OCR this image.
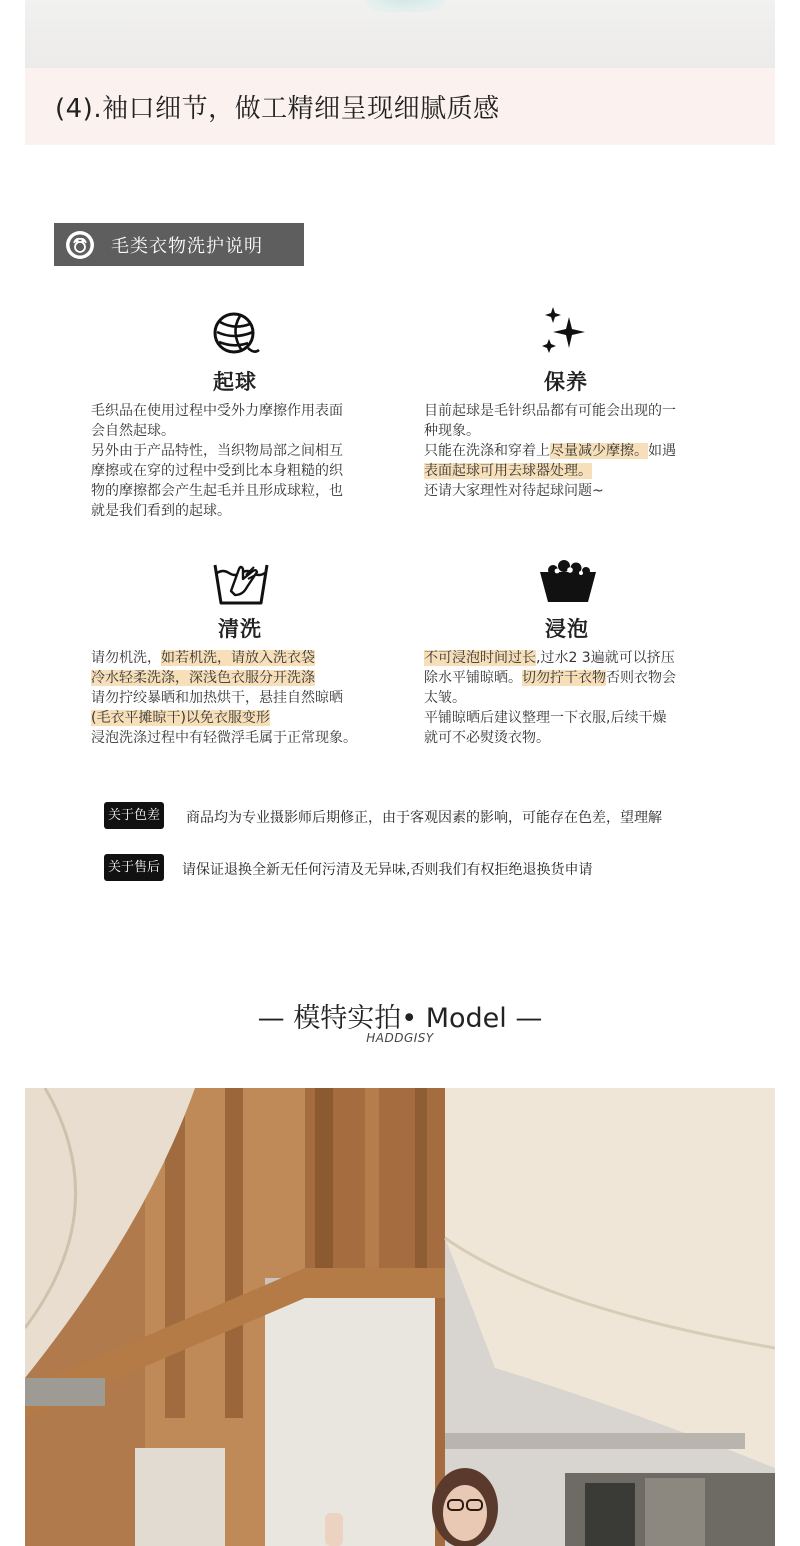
(4).袖口细节，做工精细呈现细腻质感
毛类衣物洗护说明
起球

毛织品在使用过程中受外力摩擦作用表面

会自然起球。

另外由于产品特性，当织物局部之间相互

摩擦或在穿的过程中受到比本身粗糙的织

物的摩擦都会产生起毛并且形成球粒，也

就是我们看到的起球。

保养

目前起球是毛针织品都有可能会出现的一

种现象。

只能在洗涤和穿着上尽量减少摩擦。如遇

表面起球可用去球器处理。

还请大家理性对待起球问题~

清洗

请勿机洗，如若机洗，请放入洗衣袋

冷水轻柔洗涤，深浅色衣服分开洗涤

请勿拧绞暴晒和加热烘干，悬挂自然晾晒

(毛衣平摊晾干)以免衣服变形

浸泡洗涤过程中有轻微浮毛属于正常现象。

浸泡

不可浸泡时间过长,过水2 3遍就可以挤压

除水平铺晾晒。切勿拧干衣物否则衣物会

太皱。

平铺晾晒后建议整理一下衣服,后续干燥

就可不必熨烫衣物。

关于色差 商品均为专业摄影师后期修正，由于客观因素的影响，可能存在色差，望理解
关于售后 请保证退换全新无任何污清及无异味,否则我们有权拒绝退换货申请
— 模特实拍• Model —
HADDGISY
